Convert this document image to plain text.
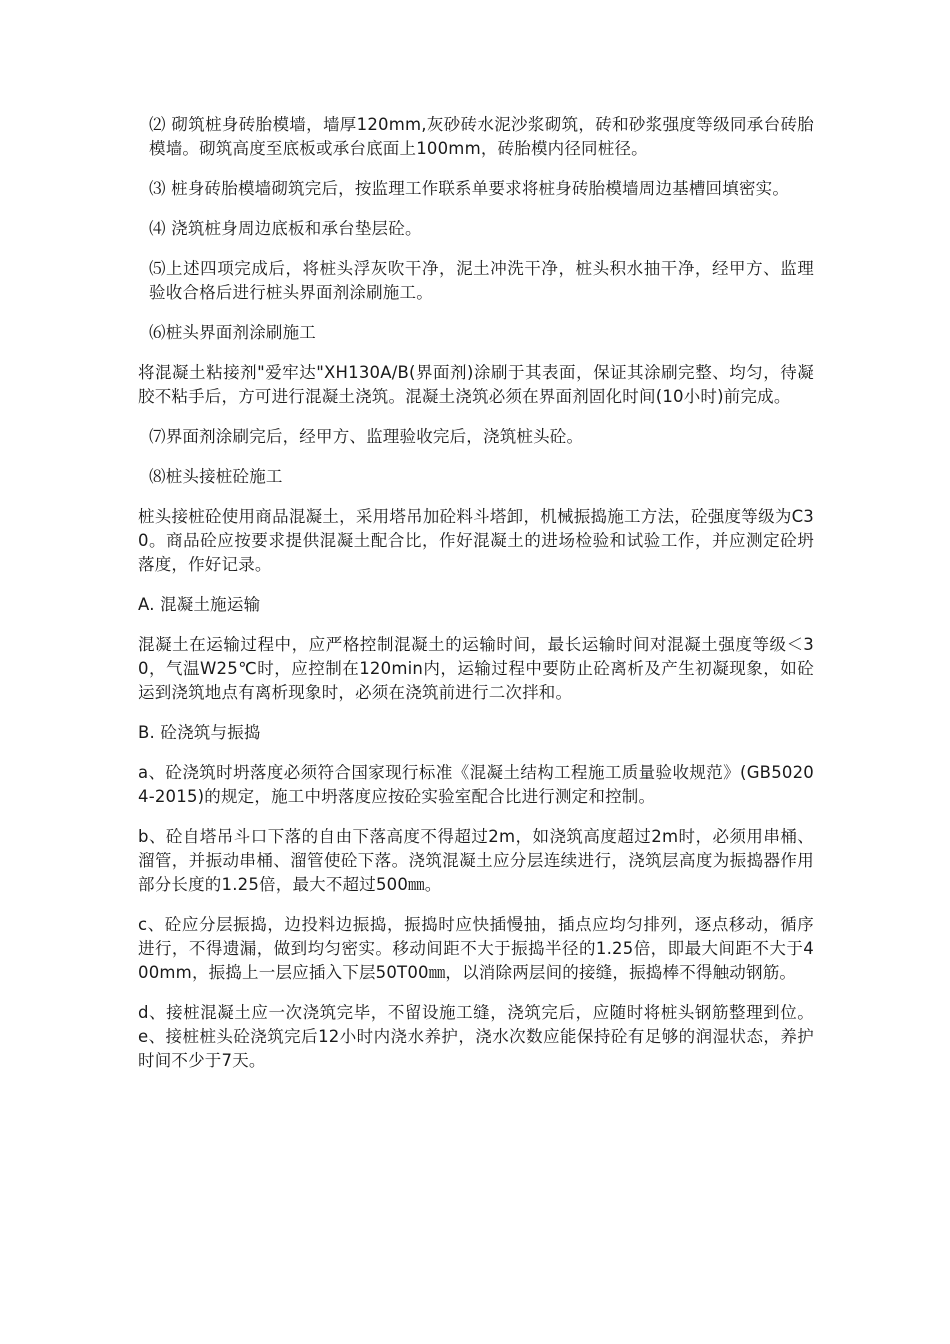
⑵ 砌筑桩身砖胎模墙，墙厚120mm,灰砂砖水泥沙浆砌筑，砖和砂浆强度等级同承台砖胎模墙。砌筑高度至底板或承台底面上100mm，砖胎模内径同桩径。

⑶ 桩身砖胎模墙砌筑完后，按监理工作联系单要求将桩身砖胎模墙周边基槽回填密实。

⑷ 浇筑桩身周边底板和承台垫层砼。

⑸上述四项完成后，将桩头浮灰吹干净，泥土冲洗干净，桩头积水抽干净，经甲方、监理验收合格后进行桩头界面剂涂刷施工。

⑹桩头界面剂涂刷施工

将混凝土粘接剂"爱牢达"XH130A/B(界面剂)涂刷于其表面，保证其涂刷完整、均匀，待凝胶不粘手后，方可进行混凝土浇筑。混凝土浇筑必须在界面剂固化时间(10小时)前完成。

⑺界面剂涂刷完后，经甲方、监理验收完后，浇筑桩头砼。

⑻桩头接桩砼施工

桩头接桩砼使用商品混凝土，采用塔吊加砼料斗塔卸，机械振捣施工方法，砼强度等级为C30。商品砼应按要求提供混凝土配合比，作好混凝土的进场检验和试验工作，并应测定砼坍落度，作好记录。

A. 混凝土施运输

混凝土在运输过程中，应严格控制混凝土的运输时间，最长运输时间对混凝土强度等级＜30，气温W25℃时，应控制在120min内，运输过程中要防止砼离析及产生初凝现象，如砼运到浇筑地点有离析现象时，必须在浇筑前进行二次拌和。

B. 砼浇筑与振捣

a、砼浇筑时坍落度必须符合国家现行标准《混凝土结构工程施工质量验收规范》(GB50204-2015)的规定，施工中坍落度应按砼实验室配合比进行测定和控制。

b、砼自塔吊斗口下落的自由下落高度不得超过2m，如浇筑高度超过2m时，必须用串桶、溜管，并振动串桶、溜管使砼下落。浇筑混凝土应分层连续进行，浇筑层高度为振捣器作用部分长度的1.25倍，最大不超过500㎜。

c、砼应分层振捣，边投料边振捣，振捣时应快插慢抽，插点应均匀排列，逐点移动，循序进行，不得遗漏，做到均匀密实。移动间距不大于振捣半径的1.25倍，即最大间距不大于400mm，振捣上一层应插入下层50T00㎜，以消除两层间的接缝，振捣棒不得触动钢筋。

d、接桩混凝土应一次浇筑完毕，不留设施工缝，浇筑完后，应随时将桩头钢筋整理到位。e、接桩桩头砼浇筑完后12小时内浇水养护，浇水次数应能保持砼有足够的润湿状态，养护时间不少于7天。
